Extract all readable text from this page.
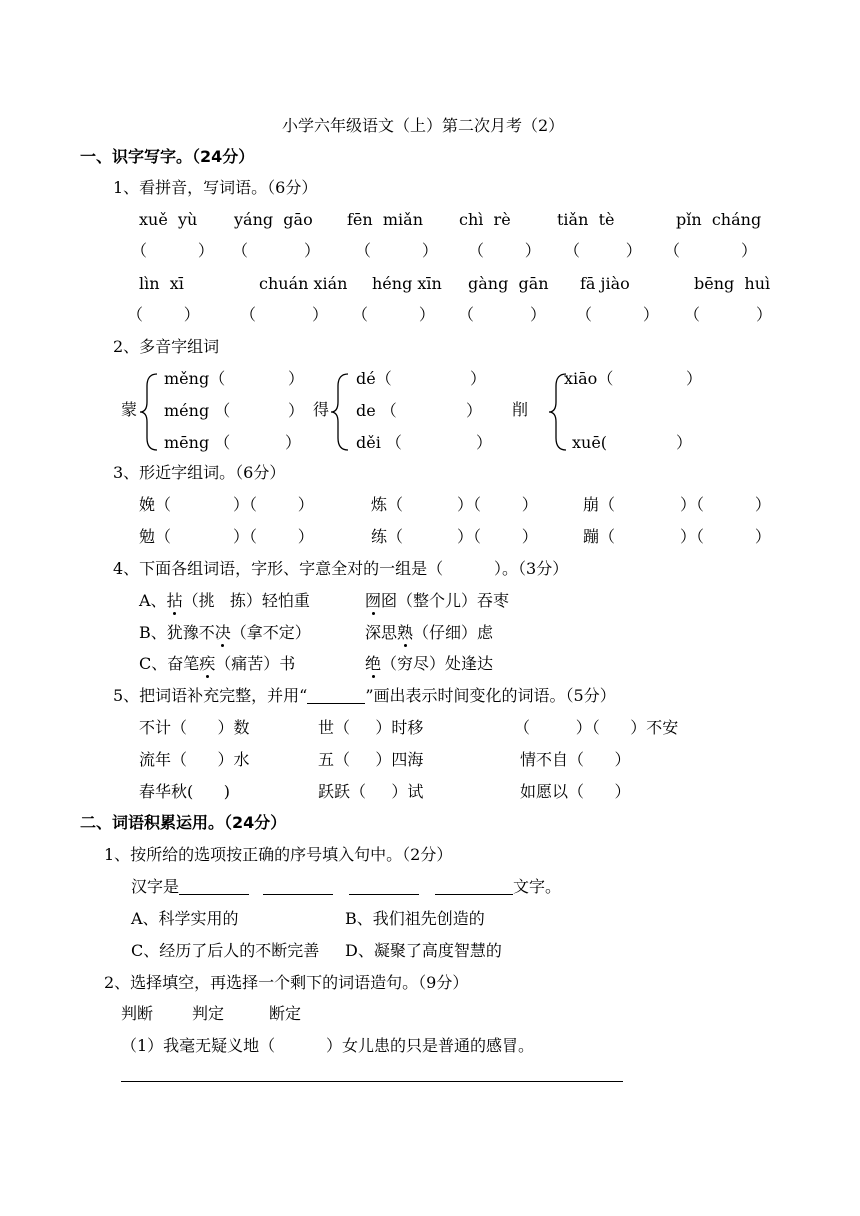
小学六年级语文（上）第二次月考（2）
一、识字写字。（24分）
1、看拼音，写词语。（6分）
xuě  yù yáng  gāo fēn  miǎn chì  rè	tiǎn  tè	pǐn  cháng
（          ） （           ） （          ） （        ） （         ） （            ）
lìn  xī	chuán xián héng xīn gàng  gān fā jiào	bēng  huì
（        ）	（           ） （          ） （           ） （          ） （           ）
2、多音字组词
蒙
měng（	）
méng （	）
mēng （	）
得
dé（	）
de （	）
děi （	）
削
xiāo（	）
xuē(	）
3、形近字组词。（6分）
娩（	）（        ）	炼（	）（        ）	崩（	）（          ）
勉（	）（        ）	练（	）（        ）	蹦（	）（          ）
4、下面各组词语，字形、字意全对的一组是（          ）。（3分）
A、拈（挑   拣）轻怕重	囫囵（整个儿）吞枣
B、犹豫不决（拿不定）	深思熟（仔细）虑
C、奋笔疾（痛苦）书	绝（穷尽）处逢达
5、把词语补充完整，并用“	”画出表示时间变化的词语。（5分）
不计（      ）数	世（     ）时移	（         ）（      ）不安
流年（      ）水	五（     ）四海	情不自（      ）
春华秋(      )	跃跃（     ）试	如愿以（      ）
二、词语积累运用。（24分）
1、按所给的选项按正确的序号填入句中。（2分）
汉字是	文字。
A、科学实用的	B、我们祖先创造的
C、经历了后人的不断完善 D、凝聚了高度智慧的
2、选择填空，再选择一个剩下的词语造句。（9分）
判断 判定	断定
（1）我毫无疑义地（          ）女儿患的只是普通的感冒。
